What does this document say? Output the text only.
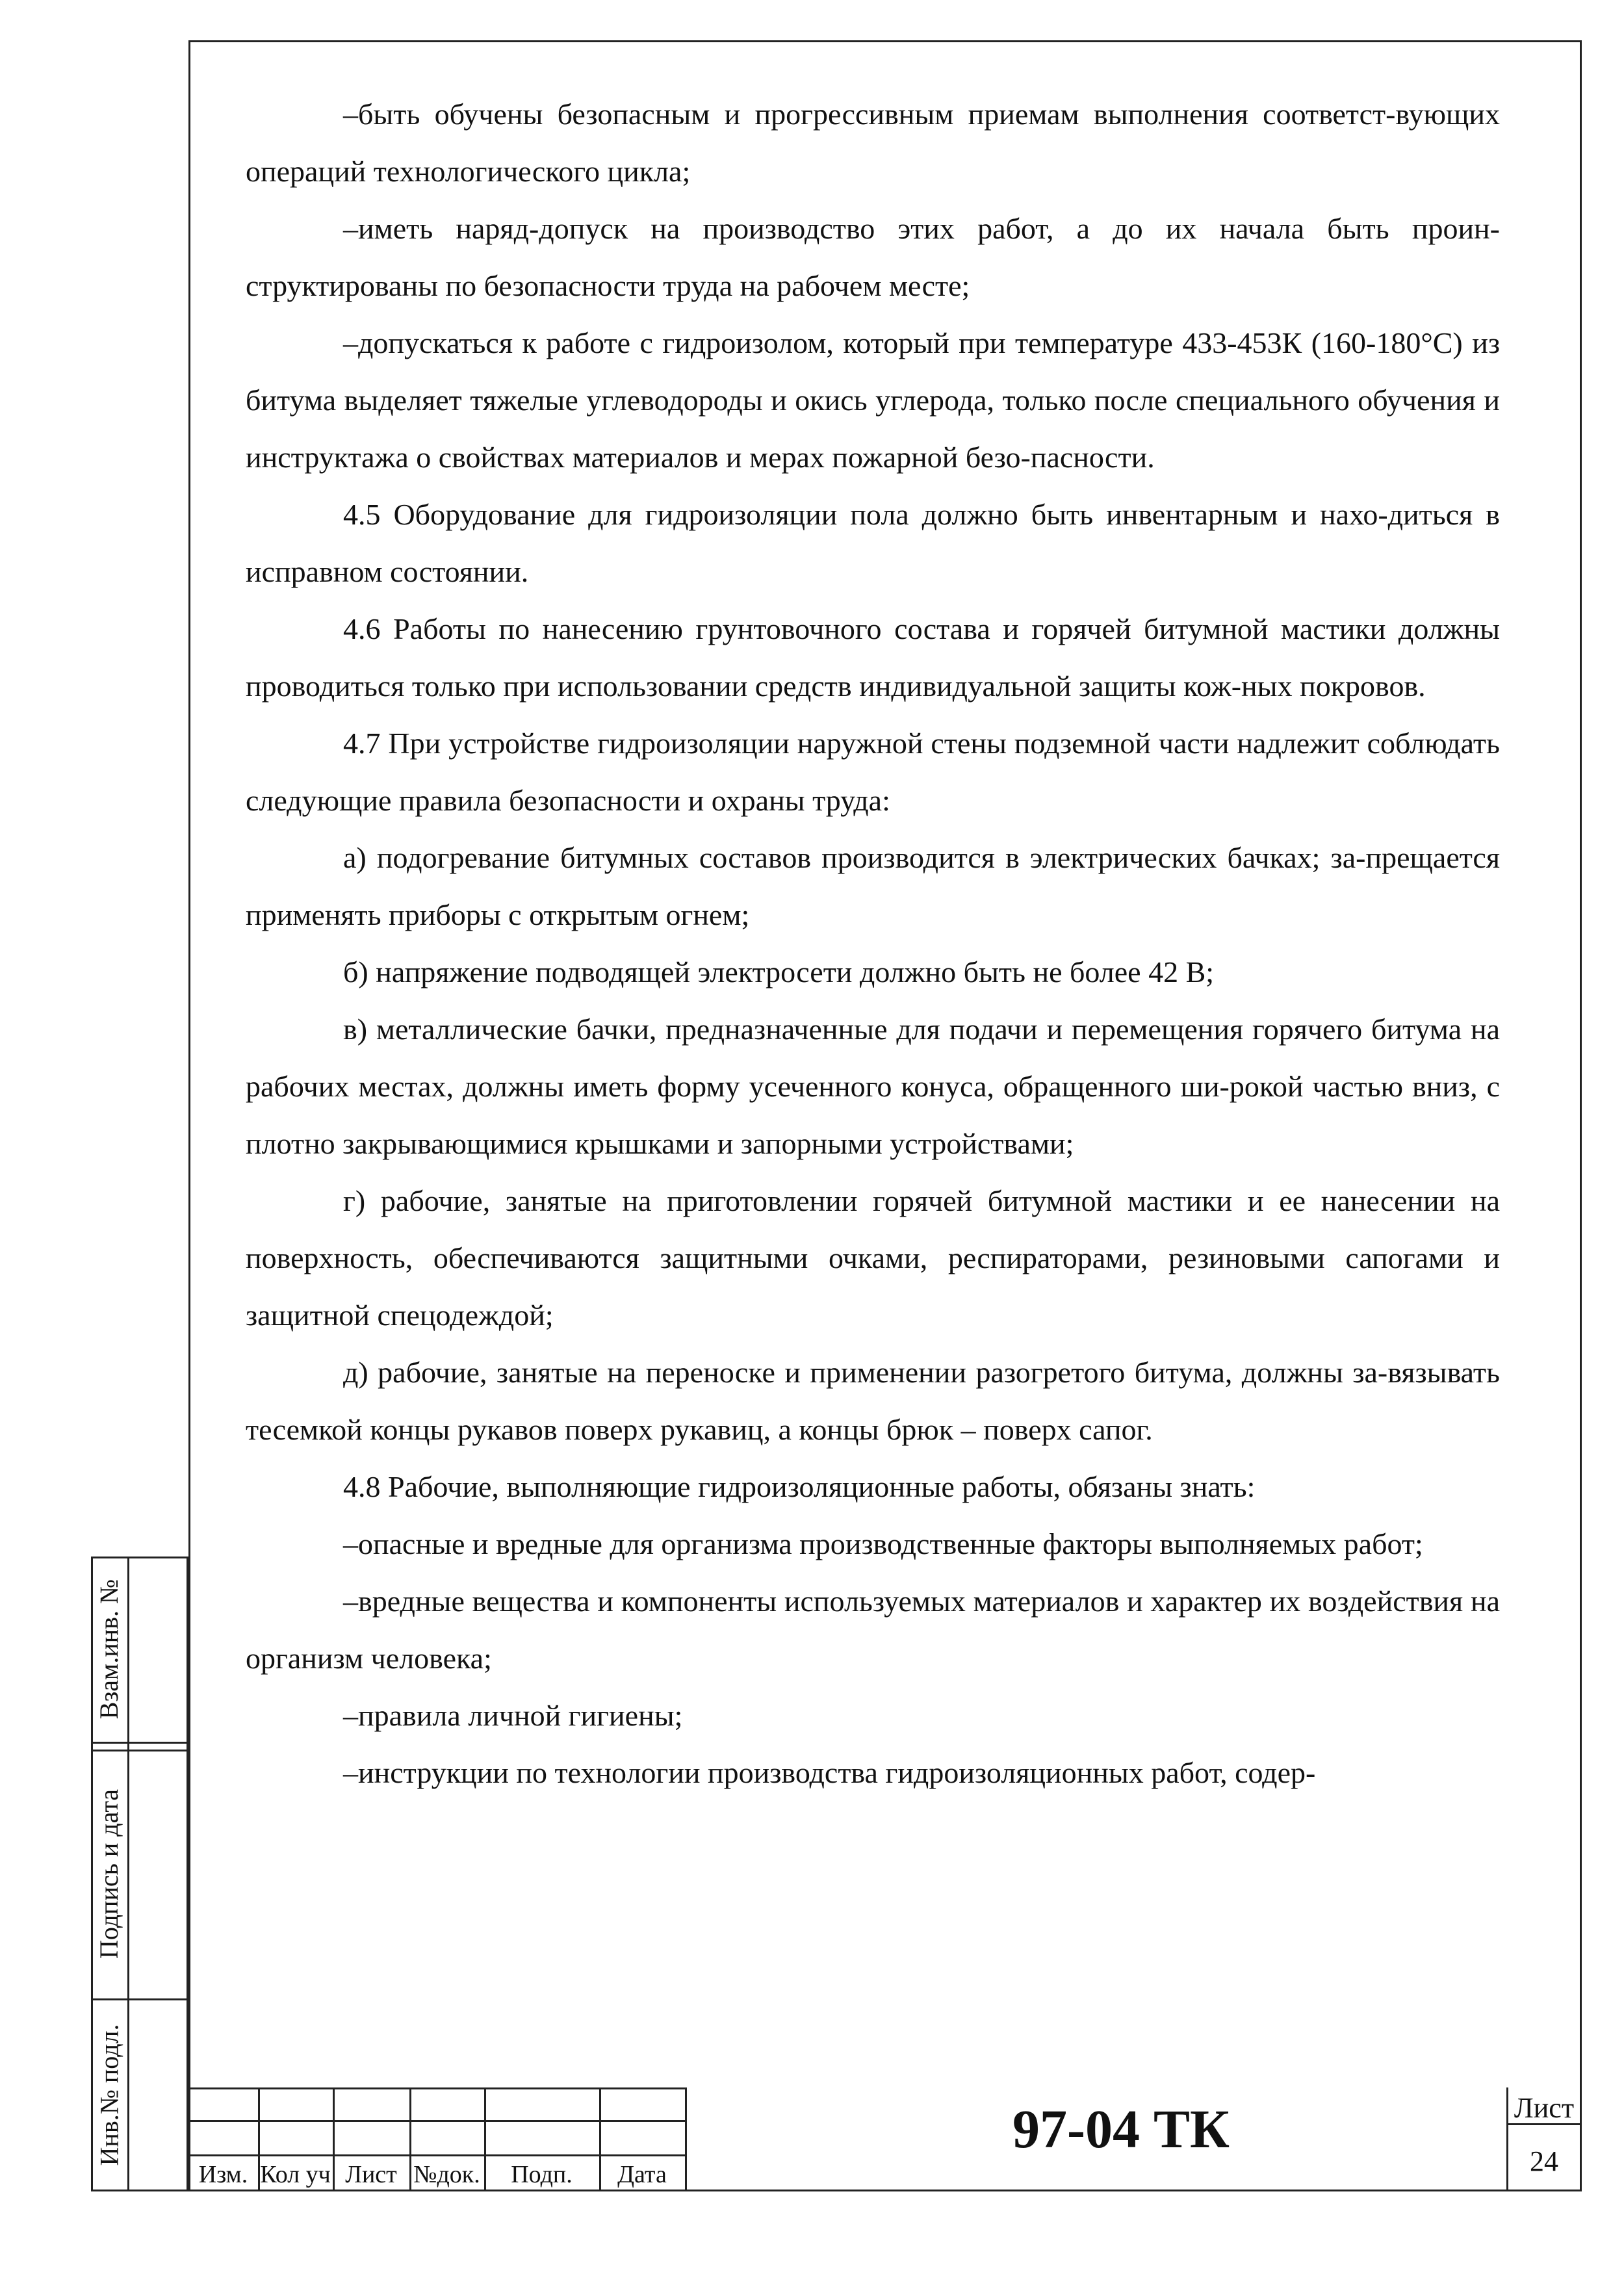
–быть обучены безопасным и прогрессивным приемам выполнения соответст-вующих операций технологического цикла;

–иметь наряд-допуск на производство этих работ, а до их начала быть проин-структированы по безопасности труда на рабочем месте;

–допускаться к работе с гидроизолом, который при температуре 433-453К (160-180°С) из битума выделяет тяжелые углеводороды и окись углерода, только после специального обучения и инструктажа о свойствах материалов и мерах пожарной безо-пасности.

4.5 Оборудование для гидроизоляции пола должно быть инвентарным и нахо-диться в исправном состоянии.

4.6 Работы по нанесению грунтовочного состава и горячей битумной мастики должны проводиться только при использовании средств индивидуальной защиты кож-ных покровов.

4.7 При устройстве гидроизоляции наружной стены подземной части надлежит соблюдать следующие правила безопасности и охраны труда:

а) подогревание битумных составов производится в электрических бачках; за-прещается применять приборы с открытым огнем;

б) напряжение подводящей электросети должно быть не более 42 В;

в) металлические бачки, предназначенные для подачи и перемещения горячего битума на рабочих местах, должны иметь форму усеченного конуса, обращенного ши-рокой частью вниз, с плотно закрывающимися крышками и запорными устройствами;

г) рабочие, занятые на приготовлении горячей битумной мастики и ее нанесении на поверхность, обеспечиваются защитными очками, респираторами, резиновыми сапогами и защитной спецодеждой;

д) рабочие, занятые на переноске и применении разогретого битума, должны за-вязывать тесемкой концы рукавов поверх рукавиц, а концы брюк – поверх сапог.

4.8 Рабочие, выполняющие гидроизоляционные работы, обязаны знать:

–опасные и вредные для организма производственные факторы выполняемых работ;

–вредные вещества и компоненты используемых материалов и характер их воздействия на организм человека;

–правила личной гигиены;

–инструкции по технологии производства гидроизоляционных работ, содер-

Взам.инв. №
Подпись и дата
Инв.№ подл.
Изм. Кол уч Лист №док.	Подп.	Дата
97-04 ТК	Лист
24
